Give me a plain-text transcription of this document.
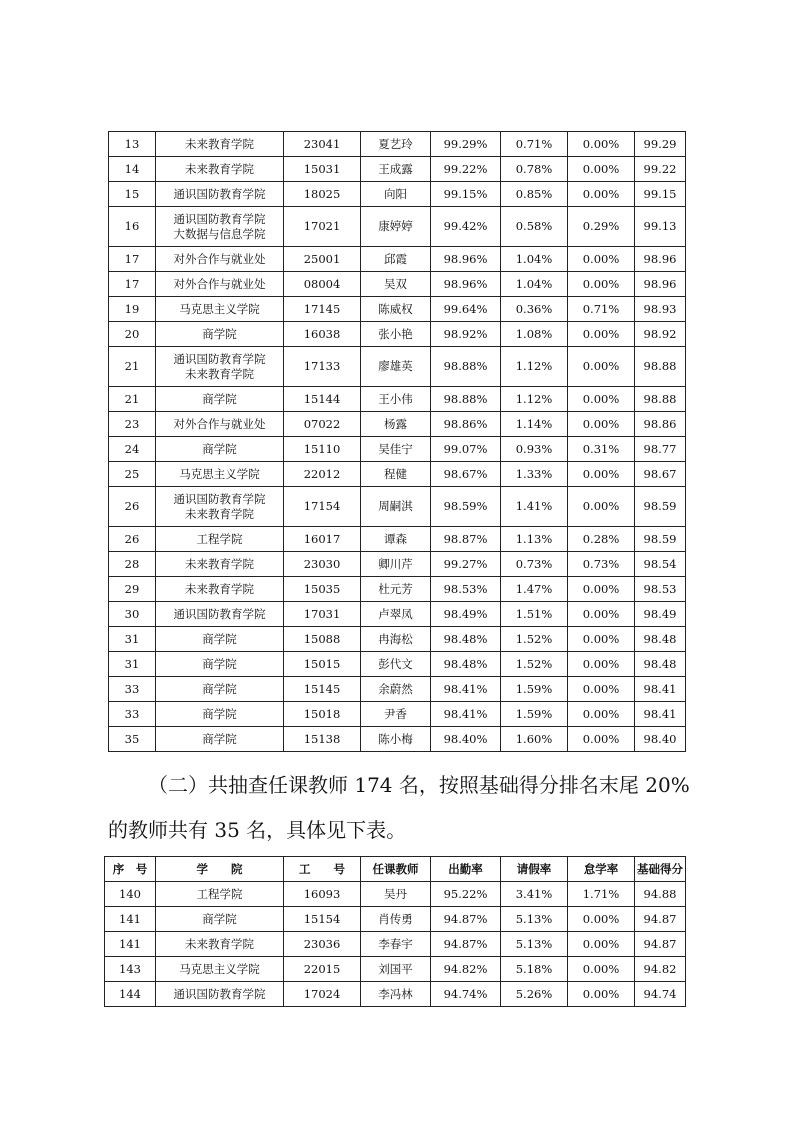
13	未来教育学院	23041	夏艺玲	99.29%	0.71%	0.00%	99.29
14	未来教育学院	15031	王成露	99.22%	0.78%	0.00%	99.22
15	通识国防教育学院	18025	向阳	99.15%	0.85%	0.00%	99.15
16	通识国防教育学院
大数据与信息学院	17021	康婷婷	99.42%	0.58%	0.29%	99.13
17	对外合作与就业处	25001	邱霞	98.96%	1.04%	0.00%	98.96
17	对外合作与就业处	08004	吴双	98.96%	1.04%	0.00%	98.96
19	马克思主义学院	17145	陈威权	99.64%	0.36%	0.71%	98.93
20	商学院	16038	张小艳	98.92%	1.08%	0.00%	98.92
21	通识国防教育学院
未来教育学院	17133	廖雄英	98.88%	1.12%	0.00%	98.88
21	商学院	15144	王小伟	98.88%	1.12%	0.00%	98.88
23	对外合作与就业处	07022	杨露	98.86%	1.14%	0.00%	98.86
24	商学院	15110	吴佳宁	99.07%	0.93%	0.31%	98.77
25	马克思主义学院	22012	程健	98.67%	1.33%	0.00%	98.67
26	通识国防教育学院
未来教育学院	17154	周嗣淇	98.59%	1.41%	0.00%	98.59
26	工程学院	16017	谭森	98.87%	1.13%	0.28%	98.59
28	未来教育学院	23030	卿川芹	99.27%	0.73%	0.73%	98.54
29	未来教育学院	15035	杜元芳	98.53%	1.47%	0.00%	98.53
30	通识国防教育学院	17031	卢翠凤	98.49%	1.51%	0.00%	98.49
31	商学院	15088	冉海松	98.48%	1.52%	0.00%	98.48
31	商学院	15015	彭代文	98.48%	1.52%	0.00%	98.48
33	商学院	15145	余蔚然	98.41%	1.59%	0.00%	98.41
33	商学院	15018	尹香	98.41%	1.59%	0.00%	98.41
35	商学院	15138	陈小梅	98.40%	1.60%	0.00%	98.40

（二）共抽查任课教师 174 名，按照基础得分排名末尾 20%

的教师共有 35 名，具体见下表。

序　号	学　　院	工　　号	任课教师	出勤率	请假率	怠学率	基础得分
140	工程学院	16093	吴丹	95.22%	3.41%	1.71%	94.88
141	商学院	15154	肖传勇	94.87%	5.13%	0.00%	94.87
141	未来教育学院	23036	李春宇	94.87%	5.13%	0.00%	94.87
143	马克思主义学院	22015	刘国平	94.82%	5.18%	0.00%	94.82
144	通识国防教育学院	17024	李冯林	94.74%	5.26%	0.00%	94.74
